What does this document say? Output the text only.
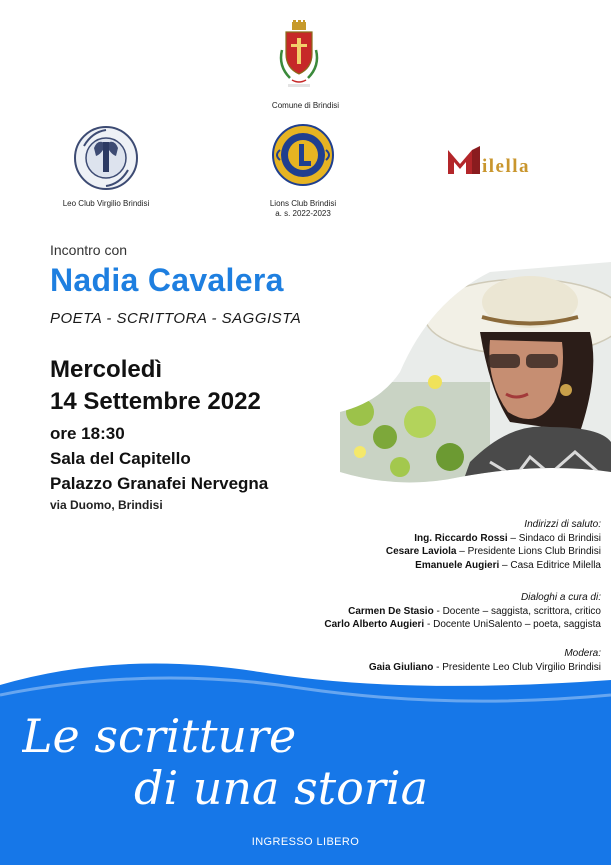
Comune di Brindisi
Leo Club Virgilio Brindisi	Lions Club Brindisi
a. s. 2022-2023
ilella
Incontro con
Nadia Cavalera
POETA - SCRITTORA - SAGGISTA
Mercoledì
14 Settembre 2022
ore 18:30
Sala del Capitello
Palazzo Granafei Nervegna
via Duomo, Brindisi
Indirizzi di saluto:
Ing. Riccardo Rossi – Sindaco di Brindisi
Cesare Laviola – Presidente Lions Club Brindisi
Emanuele Augieri – Casa Editrice Milella
Dialoghi a cura di:
Carmen De Stasio - Docente – saggista, scrittora, critico
Carlo Alberto Augieri - Docente UniSalento – poeta, saggista
Modera:
Gaia Giuliano - Presidente Leo Club Virgilio Brindisi
Le scritture
di una storia
INGRESSO LIBERO
